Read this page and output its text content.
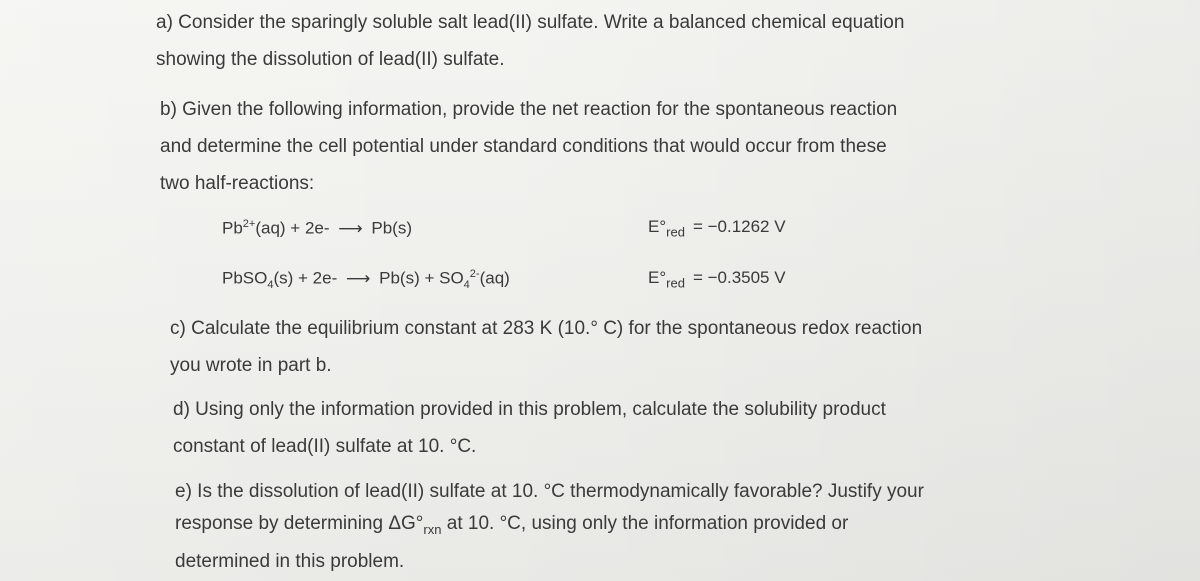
a) Consider the sparingly soluble salt lead(II) sulfate. Write a balanced chemical equation
showing the dissolution of lead(II) sulfate.
b) Given the following information, provide the net reaction for the spontaneous reaction
and determine the cell potential under standard conditions that would occur from these
two half-reactions:
$Pb^{2+}(aq) + 2e-$ ⟶ Pb(s)	$E^\circ_{red} = -0.1262$ V
PbSO$_4$(s) + 2e- ⟶ $Pb(s) + SO_4^{2-}(aq)$	$E^\circ_{red} = -0.3505$ V
c) Calculate the equilibrium constant at 283 K (10.° C) for the spontaneous redox reaction
you wrote in part b.
d) Using only the information provided in this problem, calculate the solubility product
constant of lead(II) sulfate at 10. °C.
e) Is the dissolution of lead(II) sulfate at 10. °C thermodynamically favorable? Justify your
response by determining $\Delta G^\circ_{rxn}$ at 10. °C, using only the information provided or
determined in this problem.
